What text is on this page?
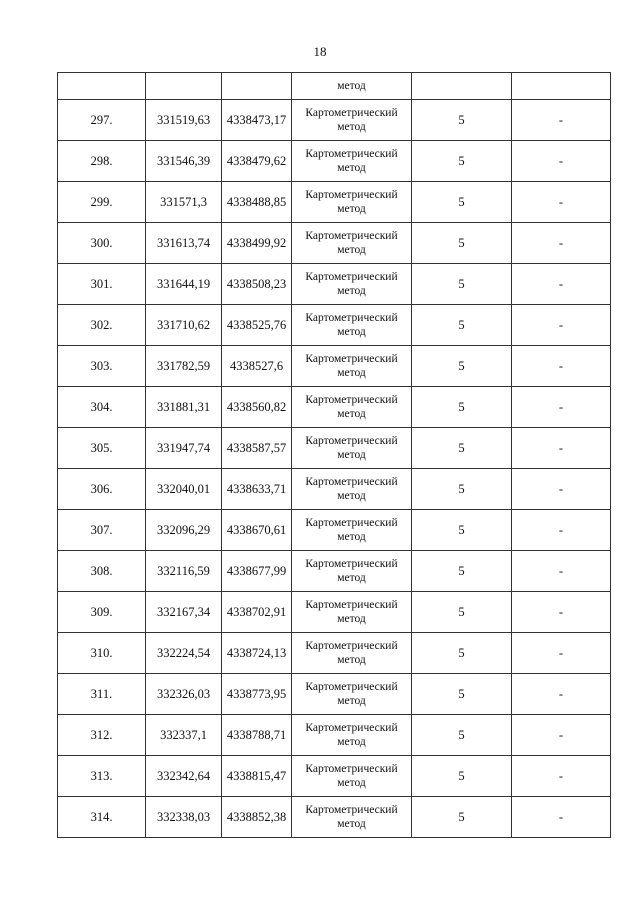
18

			метод		

297.	331519,63	4338473,17	Картометрический метод	5	-
298.	331546,39	4338479,62	Картометрический метод	5	-
299.	331571,3	4338488,85	Картометрический метод	5	-
300.	331613,74	4338499,92	Картометрический метод	5	-
301.	331644,19	4338508,23	Картометрический метод	5	-
302.	331710,62	4338525,76	Картометрический метод	5	-
303.	331782,59	4338527,6	Картометрический метод	5	-
304.	331881,31	4338560,82	Картометрический метод	5	-
305.	331947,74	4338587,57	Картометрический метод	5	-
306.	332040,01	4338633,71	Картометрический метод	5	-
307.	332096,29	4338670,61	Картометрический метод	5	-
308.	332116,59	4338677,99	Картометрический метод	5	-
309.	332167,34	4338702,91	Картометрический метод	5	-
310.	332224,54	4338724,13	Картометрический метод	5	-
311.	332326,03	4338773,95	Картометрический метод	5	-
312.	332337,1	4338788,71	Картометрический метод	5	-
313.	332342,64	4338815,47	Картометрический метод	5	-
314.	332338,03	4338852,38	Картометрический метод	5	-
